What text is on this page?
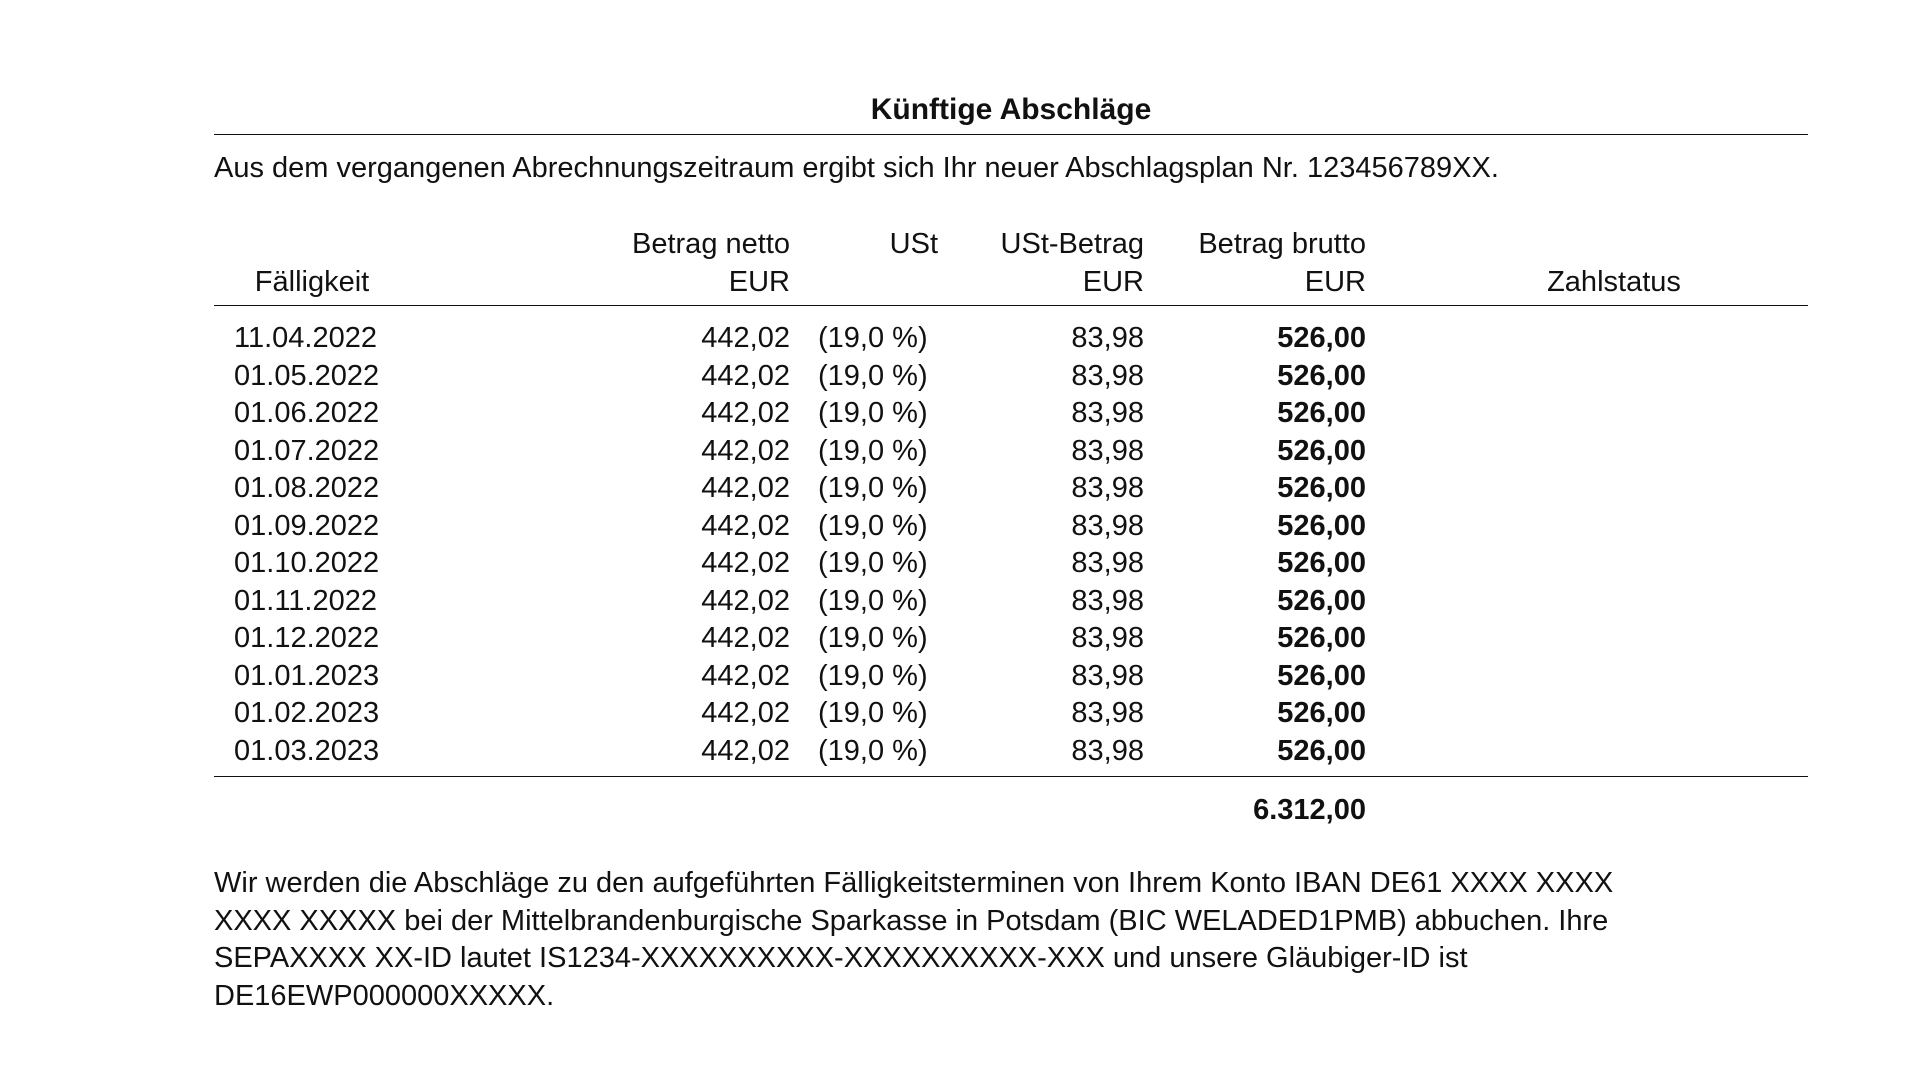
Künftige Abschläge
Aus dem vergangenen Abrechnungszeitraum ergibt sich Ihr neuer Abschlagsplan Nr. 123456789XX.
Fälligkeit
Betrag netto
EUR
USt	USt-Betrag
EUR
Betrag brutto
EUR	Zahlstatus
11.04.2022
01.05.2022
01.06.2022
01.07.2022
01.08.2022
01.09.2022
01.10.2022
01.11.2022
01.12.2022
01.01.2023
01.02.2023
01.03.2023
442,02
442,02
442,02
442,02
442,02
442,02
442,02
442,02
442,02
442,02
442,02
442,02
(19,0 %)
(19,0 %)
(19,0 %)
(19,0 %)
(19,0 %)
(19,0 %)
(19,0 %)
(19,0 %)
(19,0 %)
(19,0 %)
(19,0 %)
(19,0 %)
83,98
83,98
83,98
83,98
83,98
83,98
83,98
83,98
83,98
83,98
83,98
83,98
526,00
526,00
526,00
526,00
526,00
526,00
526,00
526,00
526,00
526,00
526,00
526,00
6.312,00
Wir werden die Abschläge zu den aufgeführten Fälligkeitsterminen von Ihrem Konto IBAN DE61 XXXX XXXX
XXXX XXXXX bei der Mittelbrandenburgische Sparkasse in Potsdam (BIC WELADED1PMB) abbuchen. Ihre
SEPAXXXX XX-ID lautet IS1234-XXXXXXXXXX-XXXXXXXXXX-XXX und unsere Gläubiger-ID ist
DE16EWP000000XXXXX.
